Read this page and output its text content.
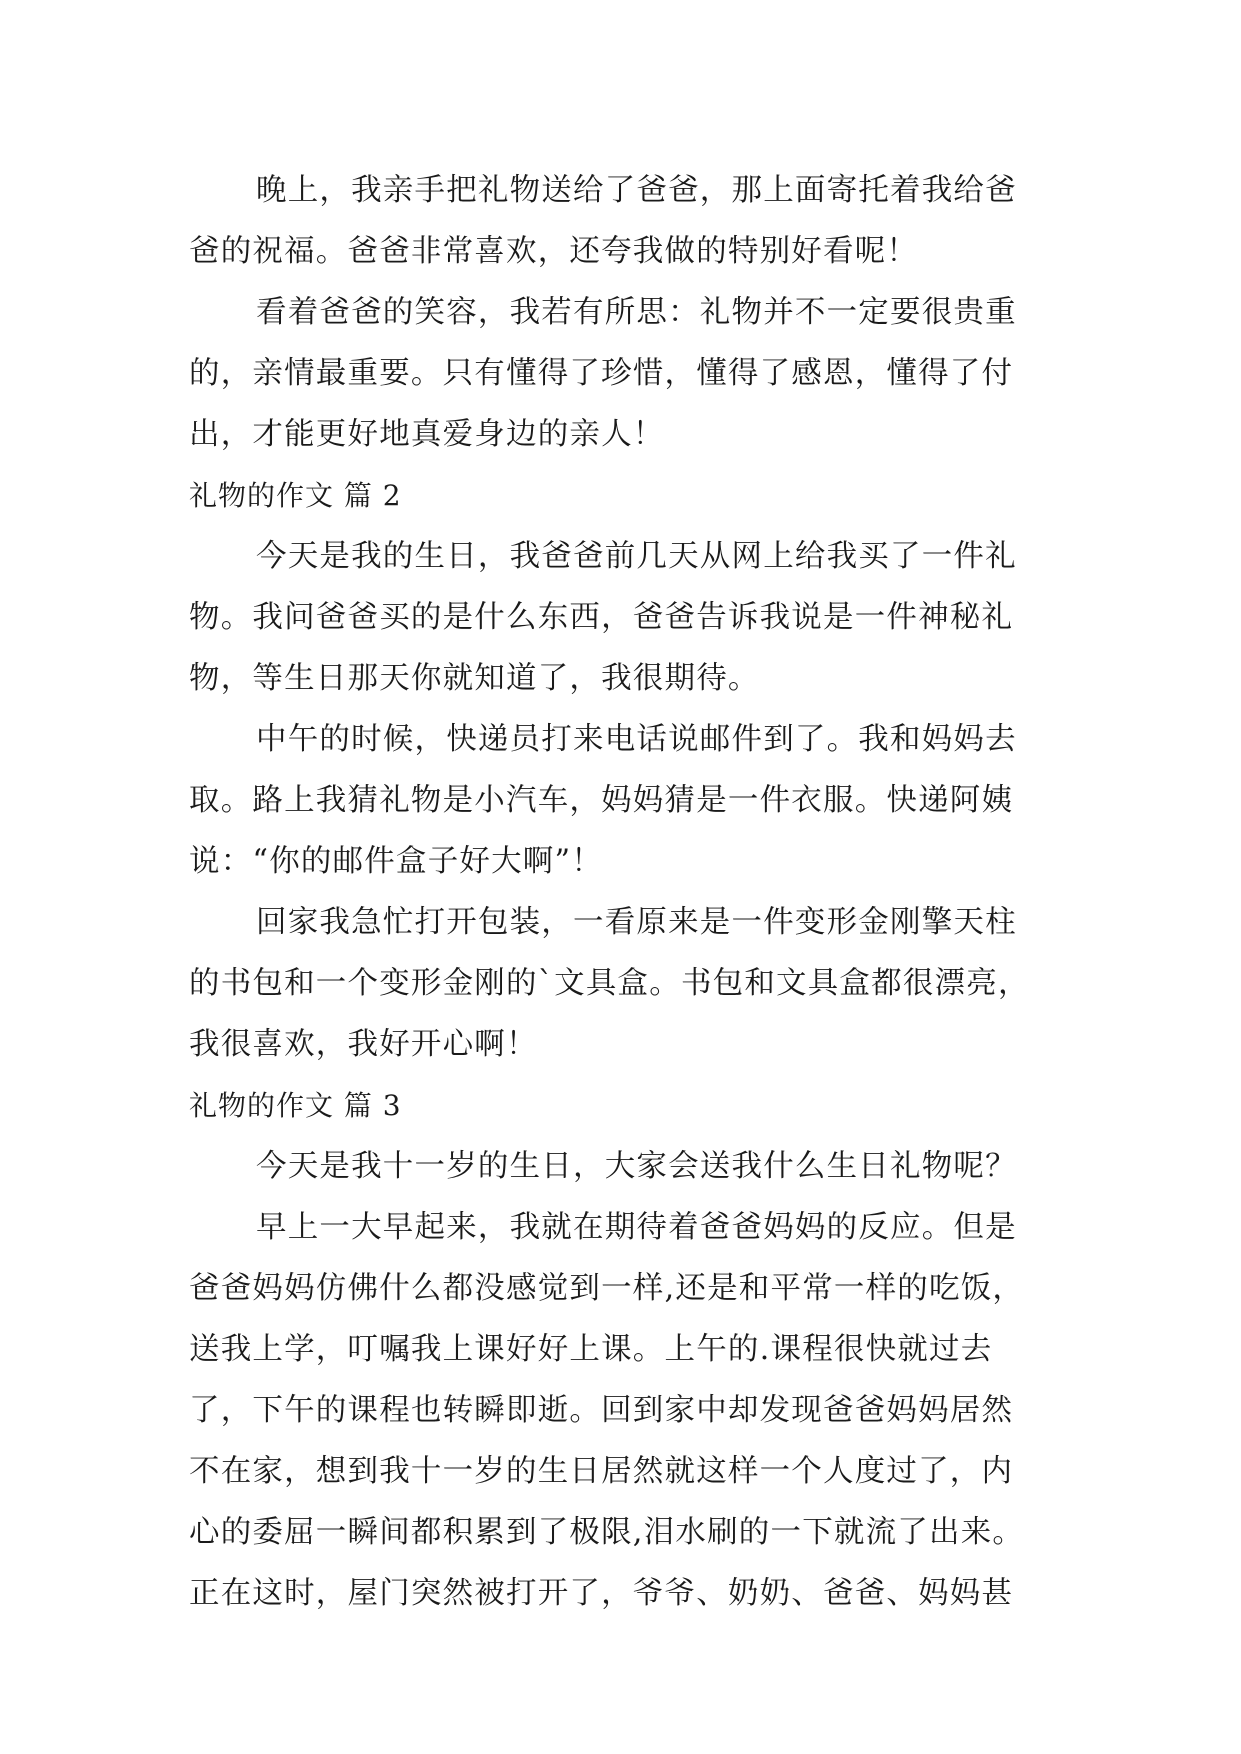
晚上，我亲手把礼物送给了爸爸，那上面寄托着我给爸
爸的祝福。爸爸非常喜欢，还夸我做的特别好看呢！
看着爸爸的笑容，我若有所思：礼物并不一定要很贵重
的，亲情最重要。只有懂得了珍惜，懂得了感恩，懂得了付
出，才能更好地真爱身边的亲人！
礼物的作文 篇 2
今天是我的生日，我爸爸前几天从网上给我买了一件礼
物。我问爸爸买的是什么东西，爸爸告诉我说是一件神秘礼
物，等生日那天你就知道了，我很期待。
中午的时候，快递员打来电话说邮件到了。我和妈妈去
取。路上我猜礼物是小汽车，妈妈猜是一件衣服。快递阿姨
说：“你的邮件盒子好大啊”！
回家我急忙打开包装，一看原来是一件变形金刚擎天柱
的书包和一个变形金刚的`文具盒。书包和文具盒都很漂亮，
我很喜欢，我好开心啊！
礼物的作文 篇 3
今天是我十一岁的生日，大家会送我什么生日礼物呢？
早上一大早起来，我就在期待着爸爸妈妈的反应。但是
爸爸妈妈仿佛什么都没感觉到一样,还是和平常一样的吃饭，
送我上学，叮嘱我上课好好上课。上午的.课程很快就过去
了，下午的课程也转瞬即逝。回到家中却发现爸爸妈妈居然
不在家，想到我十一岁的生日居然就这样一个人度过了，内
心的委屈一瞬间都积累到了极限,泪水刷的一下就流了出来。
正在这时，屋门突然被打开了，爷爷、奶奶、爸爸、妈妈甚
